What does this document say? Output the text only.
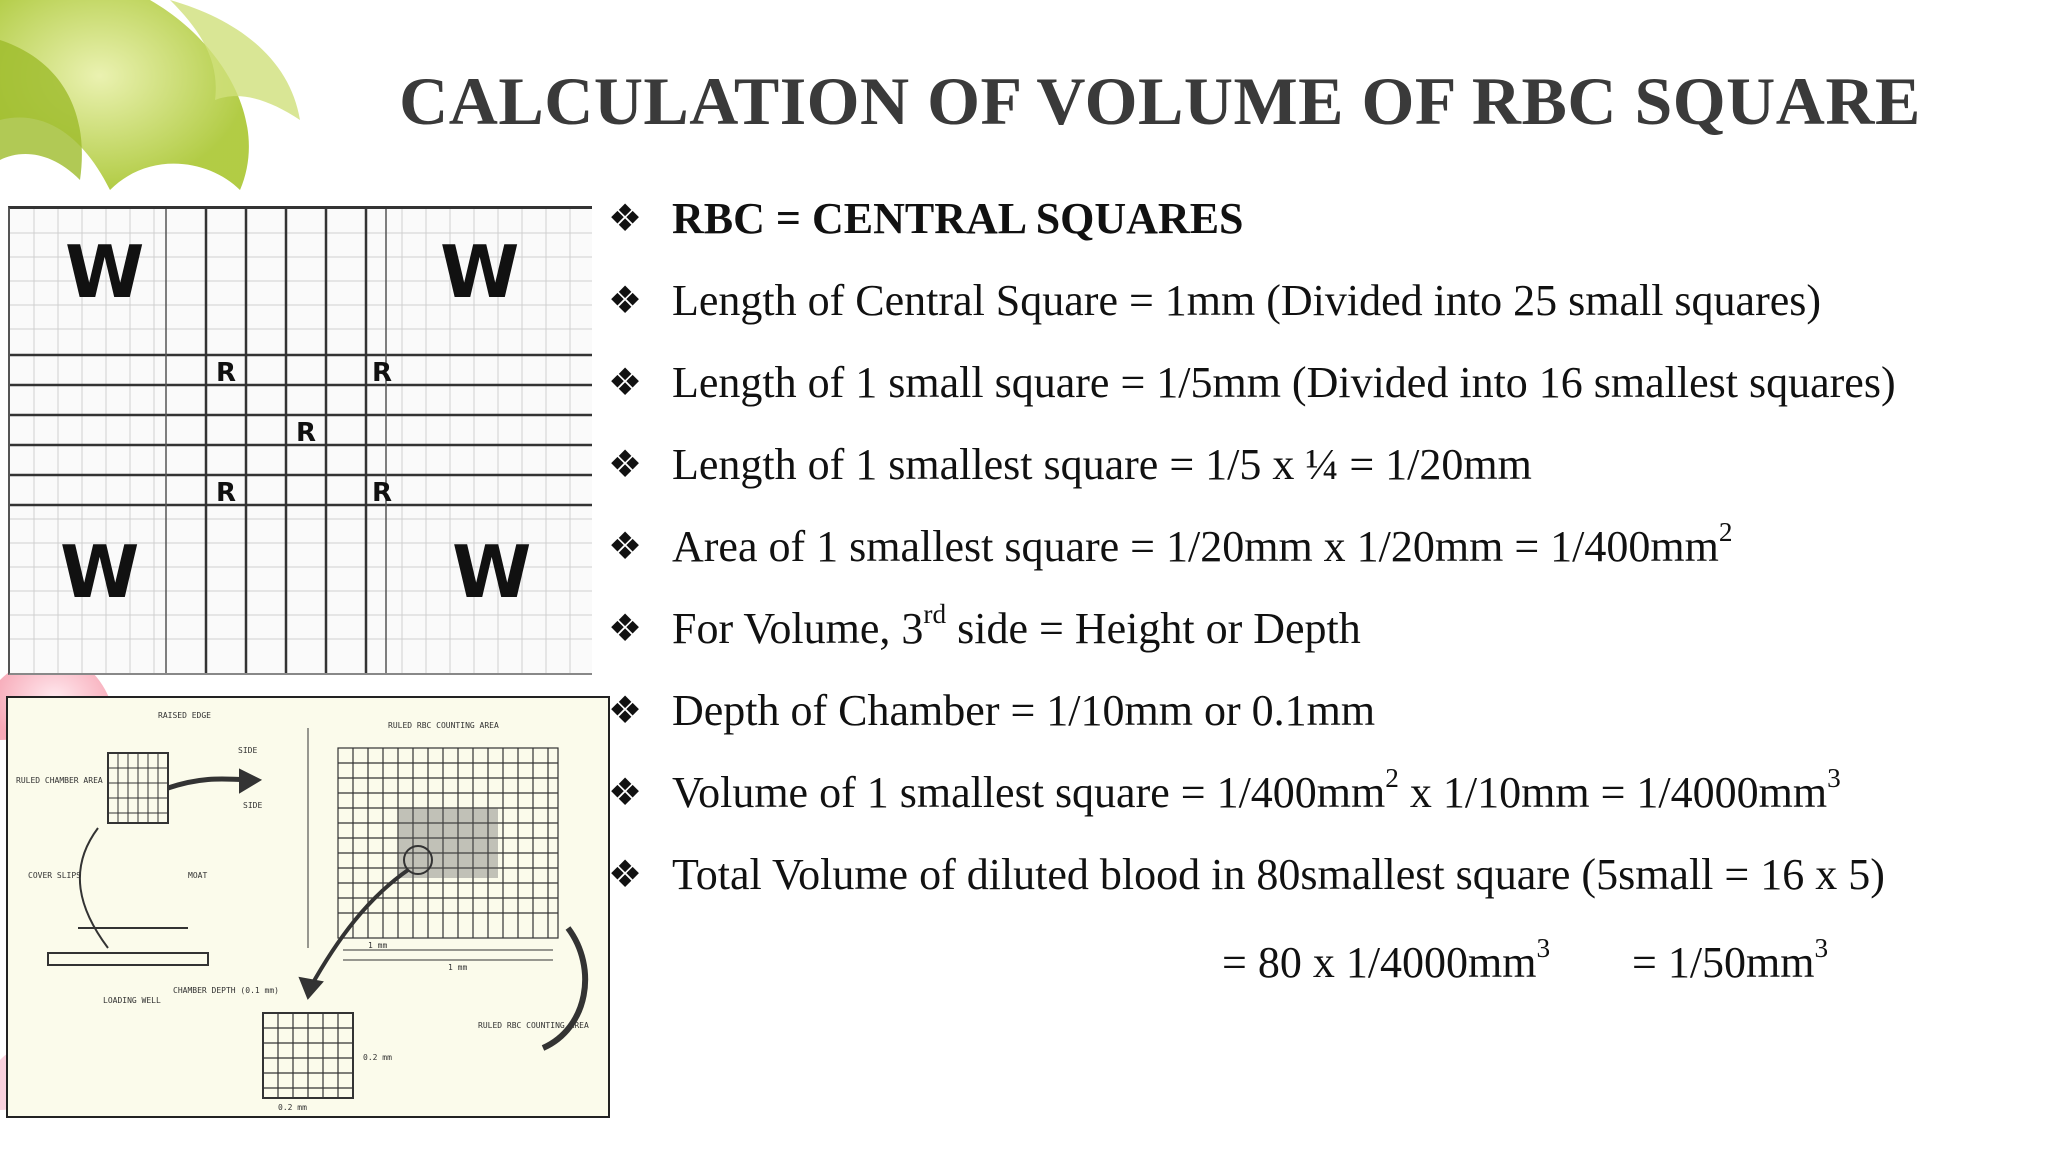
CALCULATION OF VOLUME OF RBC SQUARE
W	W
W	W
R	R
R
R	R
RAISED EDGE
RULED CHAMBER AREA
SIDE
SIDE
MOAT
COVER SLIPS
LOADING WELL
CHAMBER DEPTH (0.1 mm)
RULED RBC COUNTING AREA
1 mm
1 mm
0.2 mm
0.2 mm
RULED RBC COUNTING AREA
❖ RBC = CENTRAL SQUARES
❖ Length of Central Square = 1mm (Divided into 25 small squares)
❖ Length of 1 small square = 1/5mm (Divided into 16 smallest squares)
❖ Length of 1 smallest square = 1/5 x ¼ = 1/20mm
❖ Area of 1 smallest square = 1/20mm x $1/20mm = 1/400mm^2$
❖ For Volume, 3rd side = Height or Depth
❖ Depth of Chamber = 1/10mm or 0.1mm
❖ Volume of 1 smallest square = $1/400mm^2$ x $1/10mm = 1/4000mm^3$
❖ Total Volume of diluted blood in 80smallest square (5small = 16 x 5)
= 80 x $1/4000mm^3 = 1/50mm^3$
